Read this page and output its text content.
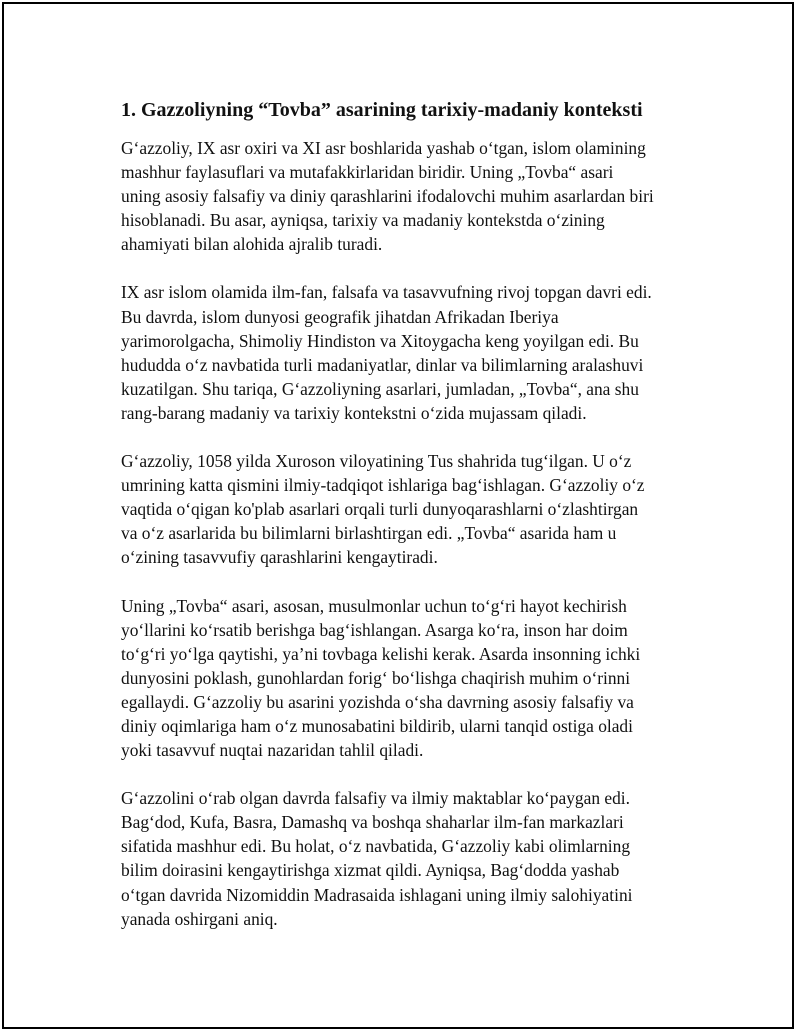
1. Gazzoliyning “Tovba” asarining tarixiy-madaniy konteksti
G‘azzoliy, IX asr oxiri va XI asr boshlarida yashab o‘tgan, islom olamining
mashhur faylasuflari va mutafakkirlaridan biridir. Uning „Tovba“ asari
uning asosiy falsafiy va diniy qarashlarini ifodalovchi muhim asarlardan biri
hisoblanadi. Bu asar, ayniqsa, tarixiy va madaniy kontekstda o‘zining
ahamiyati bilan alohida ajralib turadi.
IX asr islom olamida ilm-fan, falsafa va tasavvufning rivoj topgan davri edi.
Bu davrda, islom dunyosi geografik jihatdan Afrikadan Iberiya
yarimorolgacha, Shimoliy Hindiston va Xitoygacha keng yoyilgan edi. Bu
hududda o‘z navbatida turli madaniyatlar, dinlar va bilimlarning aralashuvi
kuzatilgan. Shu tariqa, G‘azzoliyning asarlari, jumladan, „Tovba“, ana shu
rang-barang madaniy va tarixiy kontekstni o‘zida mujassam qiladi.
G‘azzoliy, 1058 yilda Xuroson viloyatining Tus shahrida tug‘ilgan. U o‘z
umrining katta qismini ilmiy-tadqiqot ishlariga bag‘ishlagan. G‘azzoliy o‘z
vaqtida o‘qigan ko'plab asarlari orqali turli dunyoqarashlarni o‘zlashtirgan
va o‘z asarlarida bu bilimlarni birlashtirgan edi. „Tovba“ asarida ham u
o‘zining tasavvufiy qarashlarini kengaytiradi.
Uning „Tovba“ asari, asosan, musulmonlar uchun to‘g‘ri hayot kechirish
yo‘llarini ko‘rsatib berishga bag‘ishlangan. Asarga ko‘ra, inson har doim
to‘g‘ri yo‘lga qaytishi, ya’ni tovbaga kelishi kerak. Asarda insonning ichki
dunyosini poklash, gunohlardan forig‘ bo‘lishga chaqirish muhim o‘rinni
egallaydi. G‘azzoliy bu asarini yozishda o‘sha davrning asosiy falsafiy va
diniy oqimlariga ham o‘z munosabatini bildirib, ularni tanqid ostiga oladi
yoki tasavvuf nuqtai nazaridan tahlil qiladi.
G‘azzolini o‘rab olgan davrda falsafiy va ilmiy maktablar ko‘paygan edi.
Bag‘dod, Kufa, Basra, Damashq va boshqa shaharlar ilm-fan markazlari
sifatida mashhur edi. Bu holat, o‘z navbatida, G‘azzoliy kabi olimlarning
bilim doirasini kengaytirishga xizmat qildi. Ayniqsa, Bag‘dodda yashab
o‘tgan davrida Nizomiddin Madrasaida ishlagani uning ilmiy salohiyatini
yanada oshirgani aniq.
